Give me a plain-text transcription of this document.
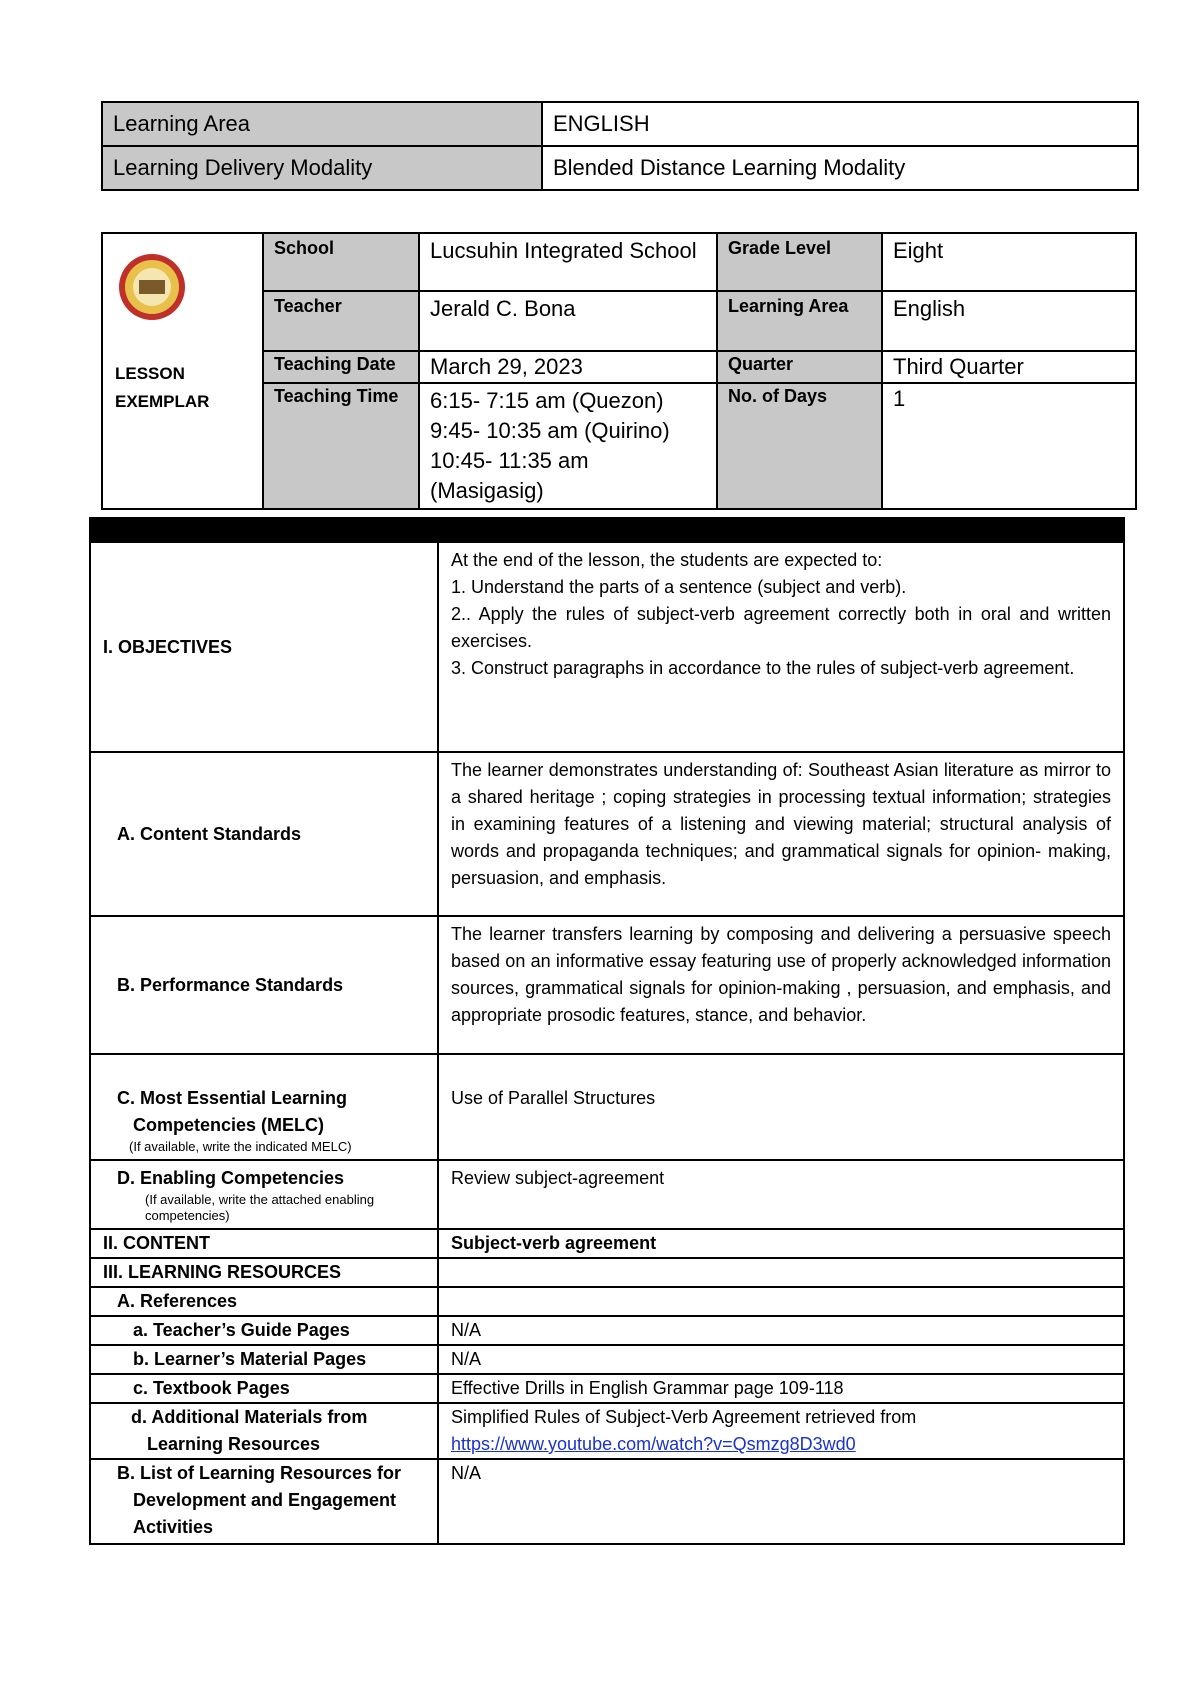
Learning Area	ENGLISH
Learning Delivery Modality	Blended Distance Learning Modality
LESSON EXEMPLAR	School	Lucsuhin Integrated School	Grade Level	Eight
	Teacher	Jerald C. Bona	Learning Area	English
	Teaching Date	March 29, 2023	Quarter	Third Quarter
	Teaching Time	6:15- 7:15 am (Quezon)
9:45- 10:35 am (Quirino)
10:45- 11:35 am (Masigasig)	No. of Days	1

I. OBJECTIVES	At the end of the lesson, the students are expected to:
1. Understand the parts of a sentence (subject and verb).
2.. Apply the rules of subject-verb agreement correctly both in oral and written exercises.
3. Construct paragraphs in accordance to the rules of subject-verb agreement.

A. Content Standards	The learner demonstrates understanding of: Southeast Asian literature as mirror to a shared heritage ; coping strategies in processing textual information; strategies in examining features of a listening and viewing material; structural analysis of words and propaganda techniques; and grammatical signals for opinion- making, persuasion, and emphasis.
B. Performance Standards	The learner transfers learning by composing and delivering a persuasive speech based on an informative essay featuring use of properly acknowledged information sources, grammatical signals for opinion-making , persuasion, and emphasis, and appropriate prosodic features, stance, and behavior.

C. Most Essential Learning Competencies (MELC)
(If available, write the indicated MELC)	Use of Parallel Structures
D. Enabling Competencies
(If available, write the attached enabling competencies)	Review subject-agreement
II. CONTENT	Subject-verb agreement
III. LEARNING RESOURCES	
A. References	
a. Teacher’s Guide Pages	N/A
b. Learner’s Material Pages	N/A
c. Textbook Pages	Effective Drills in English Grammar page 109-118

d. Additional Materials from Learning Resources	Simplified Rules of Subject-Verb Agreement retrieved from
https://www.youtube.com/watch?v=Qsmzg8D3wd0

B. List of Learning Resources for Development and Engagement Activities	N/A
